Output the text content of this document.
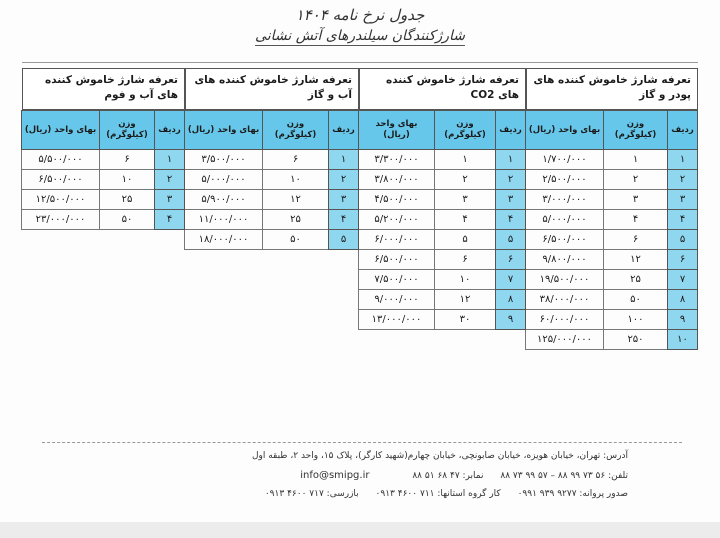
جدول نرخ نامه ۱۴۰۴
شارژکنندگان سیلندرهای آتش نشانی
تعرفه شارژ خاموش کننده های پودر و گاز
ردیف	وزن (کیلوگرم)	بهای واحد (ریال)
۱	۱	۱/۷۰۰/۰۰۰
۲	۲	۲/۵۰۰/۰۰۰
۳	۳	۳/۰۰۰/۰۰۰
۴	۴	۵/۰۰۰/۰۰۰
۵	۶	۶/۵۰۰/۰۰۰
۶	۱۲	۹/۸۰۰/۰۰۰
۷	۲۵	۱۹/۵۰۰/۰۰۰
۸	۵۰	۳۸/۰۰۰/۰۰۰
۹	۱۰۰	۶۰/۰۰۰/۰۰۰
۱۰	۲۵۰	۱۲۵/۰۰۰/۰۰۰
تعرفه شارژ خاموش کننده های CO2
ردیف	وزن (کیلوگرم)	بهای واحد (ریال)
۱	۱	۳/۳۰۰/۰۰۰
۲	۲	۳/۸۰۰/۰۰۰
۳	۳	۴/۵۰۰/۰۰۰
۴	۴	۵/۲۰۰/۰۰۰
۵	۵	۶/۰۰۰/۰۰۰
۶	۶	۶/۵۰۰/۰۰۰
۷	۱۰	۷/۵۰۰/۰۰۰
۸	۱۲	۹/۰۰۰/۰۰۰
۹	۳۰	۱۳/۰۰۰/۰۰۰
تعرفه شارژ خاموش کننده های آب و گاز
ردیف	وزن (کیلوگرم)	بهای واحد (ریال)
۱	۶	۳/۵۰۰/۰۰۰
۲	۱۰	۵/۰۰۰/۰۰۰
۳	۱۲	۵/۹۰۰/۰۰۰
۴	۲۵	۱۱/۰۰۰/۰۰۰
۵	۵۰	۱۸/۰۰۰/۰۰۰
تعرفه شارژ خاموش کننده های آب و فوم
ردیف	وزن (کیلوگرم)	بهای واحد (ریال)
۱	۶	۵/۵۰۰/۰۰۰
۲	۱۰	۶/۵۰۰/۰۰۰
۳	۲۵	۱۲/۵۰۰/۰۰۰
۴	۵۰	۲۳/۰۰۰/۰۰۰
آدرس: تهران، خیابان هویزه، خیابان صابونچی، خیابان چهارم(شهید کارگر)، پلاک ۱۵، واحد ۲، طبقه اول
تلفن: ۵۶ ۷۳ ۹۹ ۸۸ – ۵۷ ۹۹ ۷۳ ۸۸ نمابر: ۴۷ ۶۸ ۵۱ ۸۸ info@smipg.ir
صدور پروانه: ۹۲۷۷ ۹۳۹ ۰۹۹۱ کار گروه استانها: ۷۱۱ ۴۶۰۰ ۰۹۱۳ بازرسی: ۷۱۷ ۴۶۰۰ ۰۹۱۳
